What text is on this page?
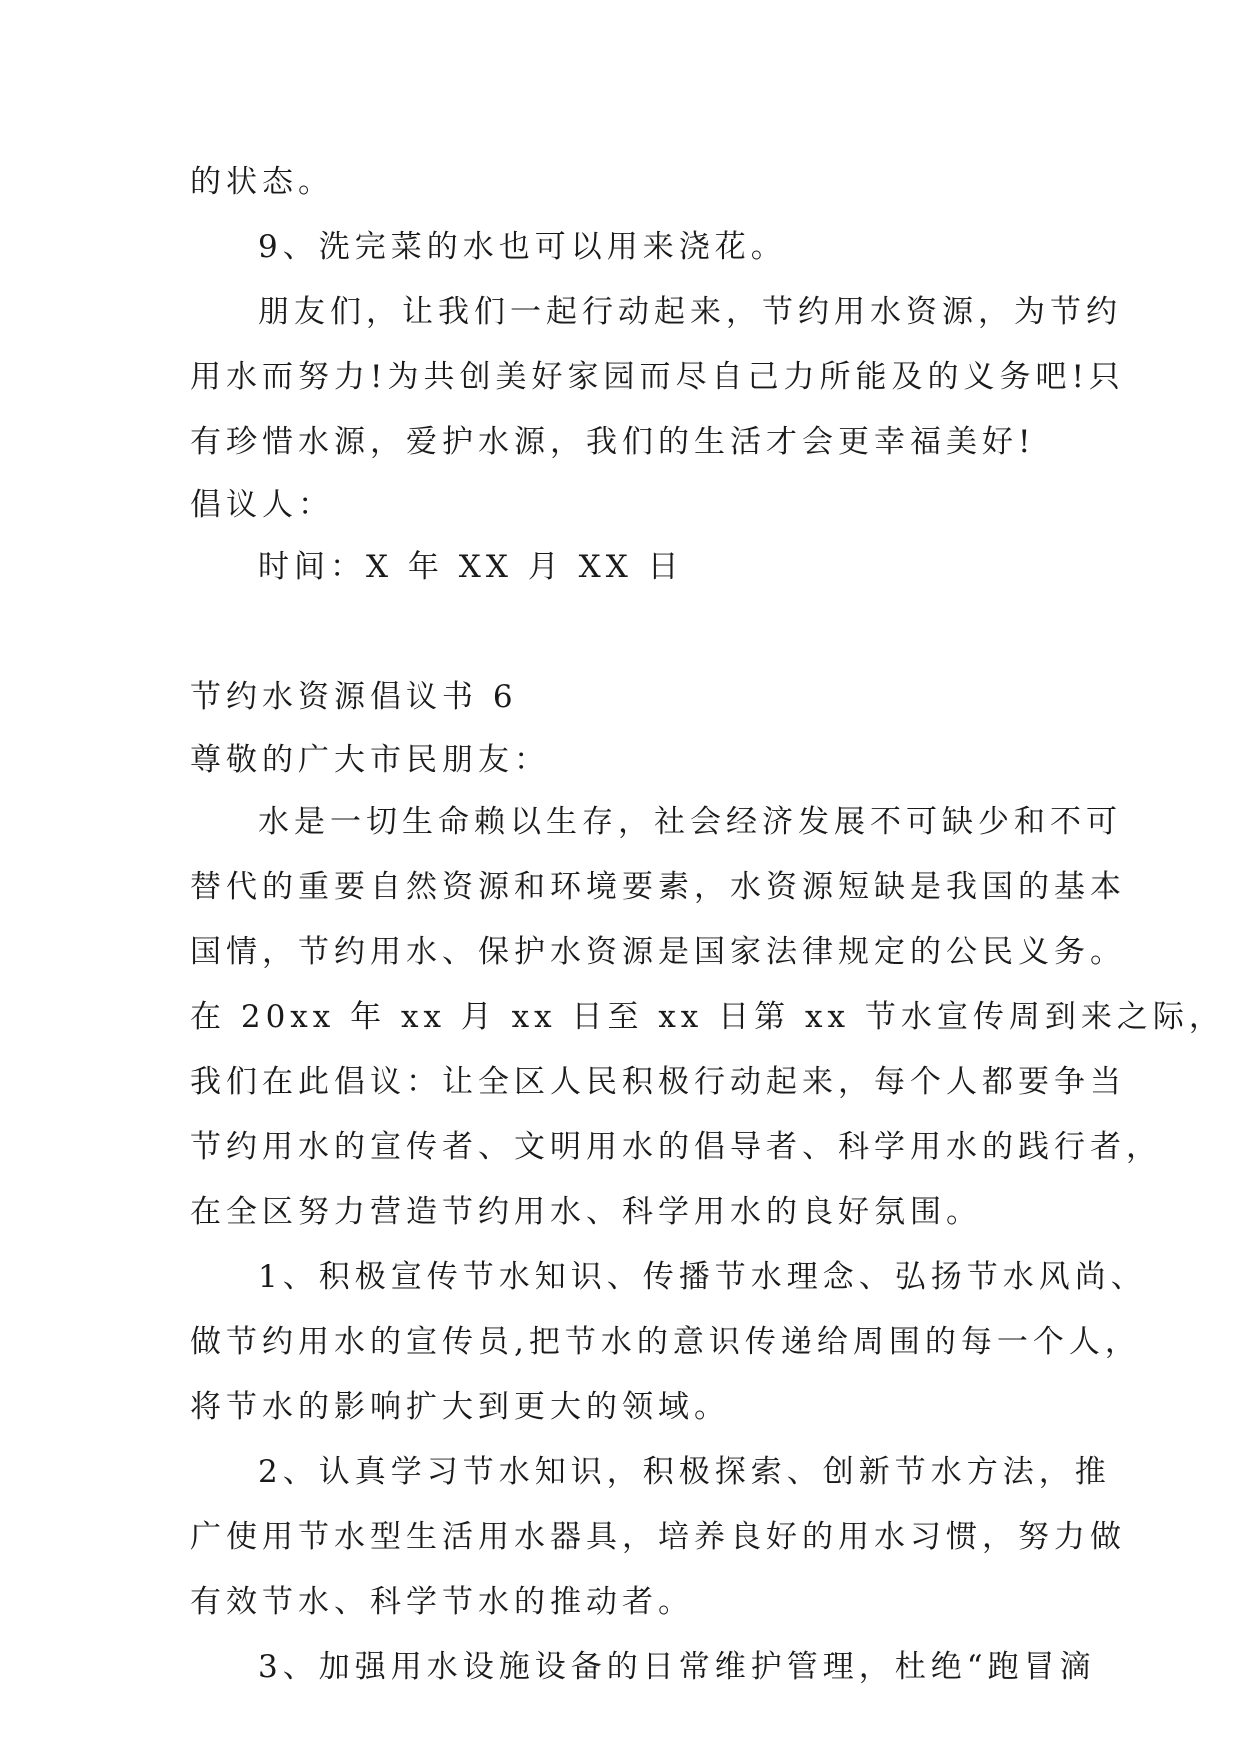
的状态。
9、洗完菜的水也可以用来浇花。
朋友们，让我们一起行动起来，节约用水资源，为节约
用水而努力!为共创美好家园而尽自己力所能及的义务吧!只
有珍惜水源，爱护水源，我们的生活才会更幸福美好!
倡议人：
时间：X 年 XX 月 XX 日
节约水资源倡议书 6
尊敬的广大市民朋友：
水是一切生命赖以生存，社会经济发展不可缺少和不可
替代的重要自然资源和环境要素，水资源短缺是我国的基本
国情，节约用水、保护水资源是国家法律规定的公民义务。
在 20xx 年 xx 月 xx 日至 xx 日第 xx 节水宣传周到来之际，
我们在此倡议：让全区人民积极行动起来，每个人都要争当
节约用水的宣传者、文明用水的倡导者、科学用水的践行者，
在全区努力营造节约用水、科学用水的良好氛围。
1、积极宣传节水知识、传播节水理念、弘扬节水风尚、
做节约用水的宣传员,把节水的意识传递给周围的每一个人，
将节水的影响扩大到更大的领域。
2、认真学习节水知识，积极探索、创新节水方法，推
广使用节水型生活用水器具，培养良好的用水习惯，努力做
有效节水、科学节水的推动者。
3、加强用水设施设备的日常维护管理，杜绝“跑冒滴
